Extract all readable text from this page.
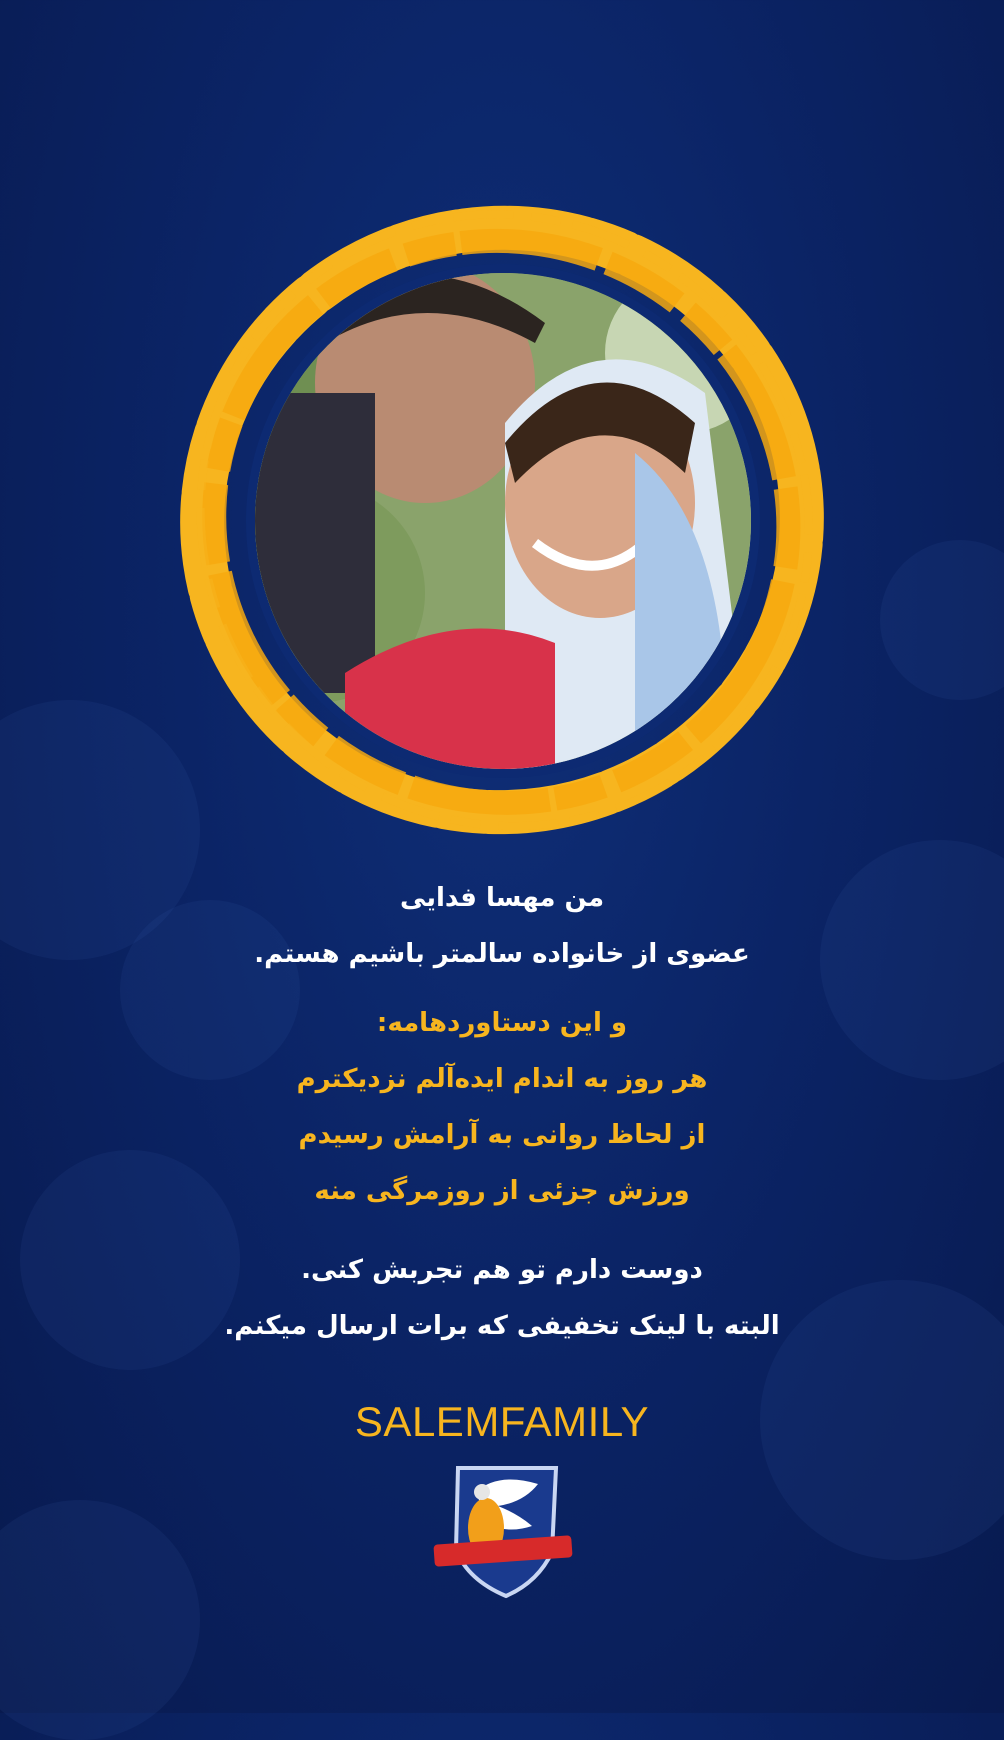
من مهسا فدایی
عضوی از خانواده سالمتر باشیم هستم.
و این دستاوردهامه:
هر روز به اندام ایده‌آلم نزدیکترم
از لحاظ روانی به آرامش رسیدم
ورزش جزئی از روزمرگی منه
دوست دارم تو هم تجربش کنی.
البته با لینک تخفیفی که برات ارسال میکنم.
SALEMFAMILY
